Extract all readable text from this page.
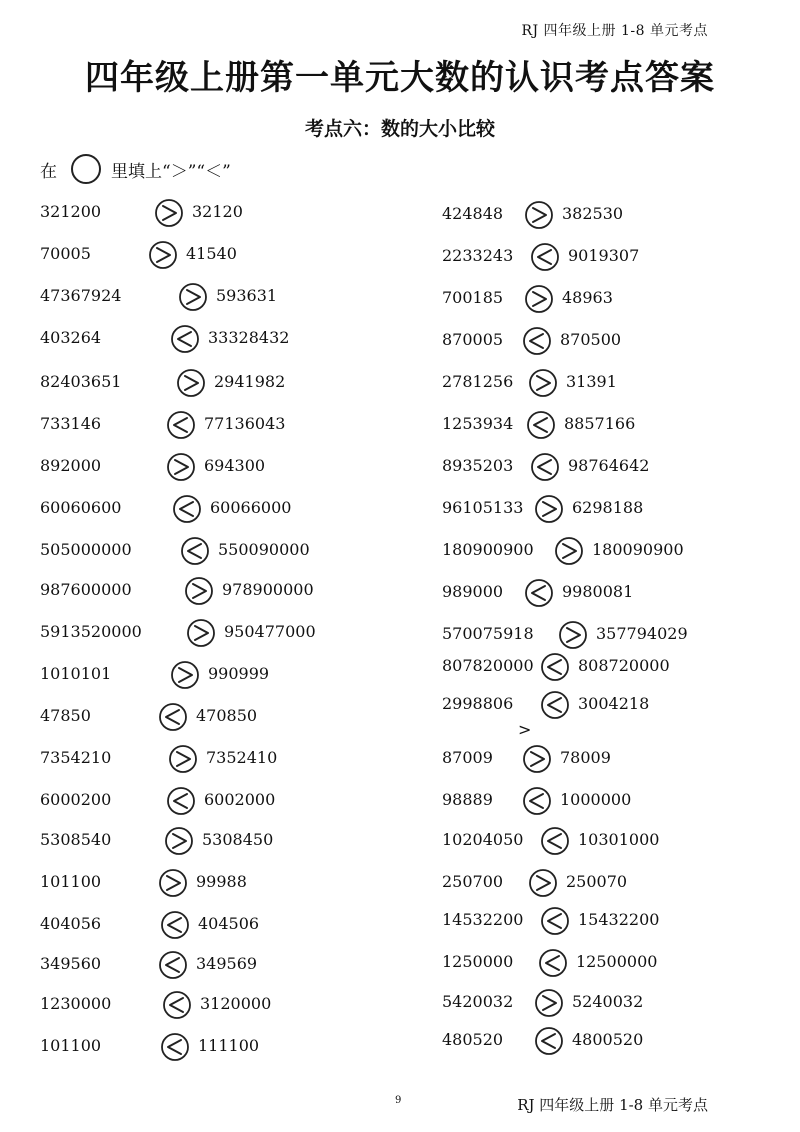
RJ 四年级上册 1-8 单元考点
四年级上册第一单元大数的认识考点答案
考点六：数的大小比较
在	里填上“＞”“＜”
321200	32120
70005	41540
47367924	593631
403264	33328432
82403651	2941982
733146	77136043
892000	694300
60060600	60066000
505000000	550090000
987600000	978900000
5913520000	950477000
1010101	990999
47850	470850
7354210	7352410
6000200	6002000
5308540	5308450
101100	99988
404056	404506
349560	349569
1230000	3120000
101100	111100
424848	382530
2233243	9019307
700185	48963
870005	870500
2781256	31391
1253934	8857166
8935203	98764642
96105133	6298188
180900900	180090900
989000	9980081
570075918	357794029
807820000	808720000
2998806	3004218
87009	78009
98889	1000000
10204050	10301000
250700	250070
14532200	15432200
1250000	12500000
5420032	5240032
480520	4800520
>
9	RJ 四年级上册 1-8 单元考点
